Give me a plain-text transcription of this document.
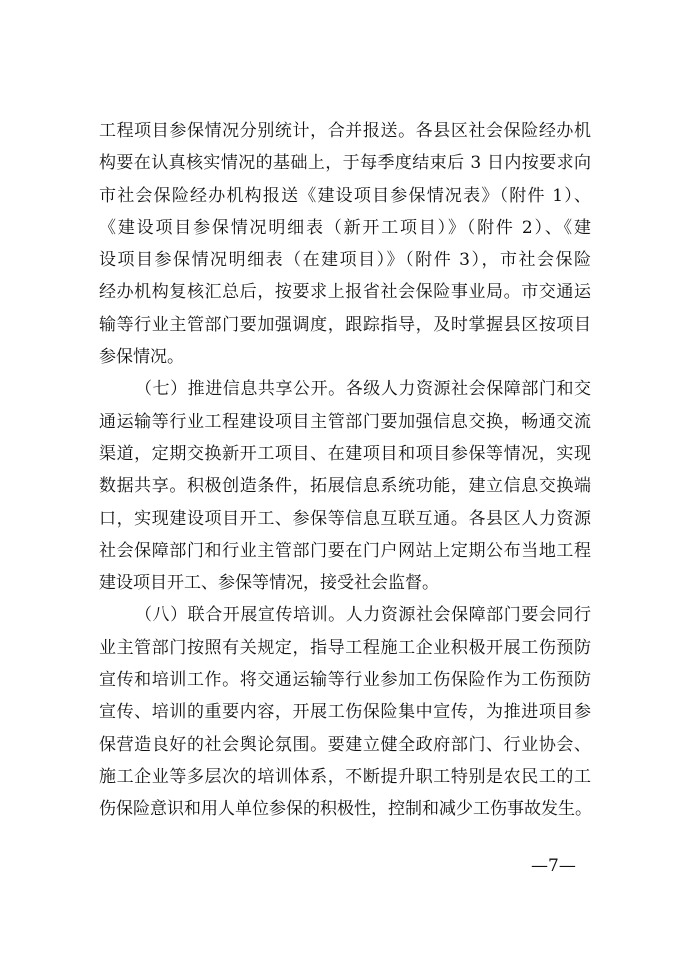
工程项目参保情况分别统计，合并报送。各县区社会保险经办机
构要在认真核实情况的基础上，于每季度结束后 3 日内按要求向
市社会保险经办机构报送《建设项目参保情况表》（附件 1）、
《建设项目参保情况明细表（新开工项目）》（附件 2）、《建
设项目参保情况明细表（在建项目）》（附件 3），市社会保险
经办机构复核汇总后，按要求上报省社会保险事业局。市交通运
输等行业主管部门要加强调度，跟踪指导，及时掌握县区按项目
参保情况。
（七）推进信息共享公开。各级人力资源社会保障部门和交
通运输等行业工程建设项目主管部门要加强信息交换，畅通交流
渠道，定期交换新开工项目、在建项目和项目参保等情况，实现
数据共享。积极创造条件，拓展信息系统功能，建立信息交换端
口，实现建设项目开工、参保等信息互联互通。各县区人力资源
社会保障部门和行业主管部门要在门户网站上定期公布当地工程
建设项目开工、参保等情况，接受社会监督。
（八）联合开展宣传培训。人力资源社会保障部门要会同行
业主管部门按照有关规定，指导工程施工企业积极开展工伤预防
宣传和培训工作。将交通运输等行业参加工伤保险作为工伤预防
宣传、培训的重要内容，开展工伤保险集中宣传，为推进项目参
保营造良好的社会舆论氛围。要建立健全政府部门、行业协会、
施工企业等多层次的培训体系，不断提升职工特别是农民工的工
伤保险意识和用人单位参保的积极性，控制和减少工伤事故发生。
—7—
